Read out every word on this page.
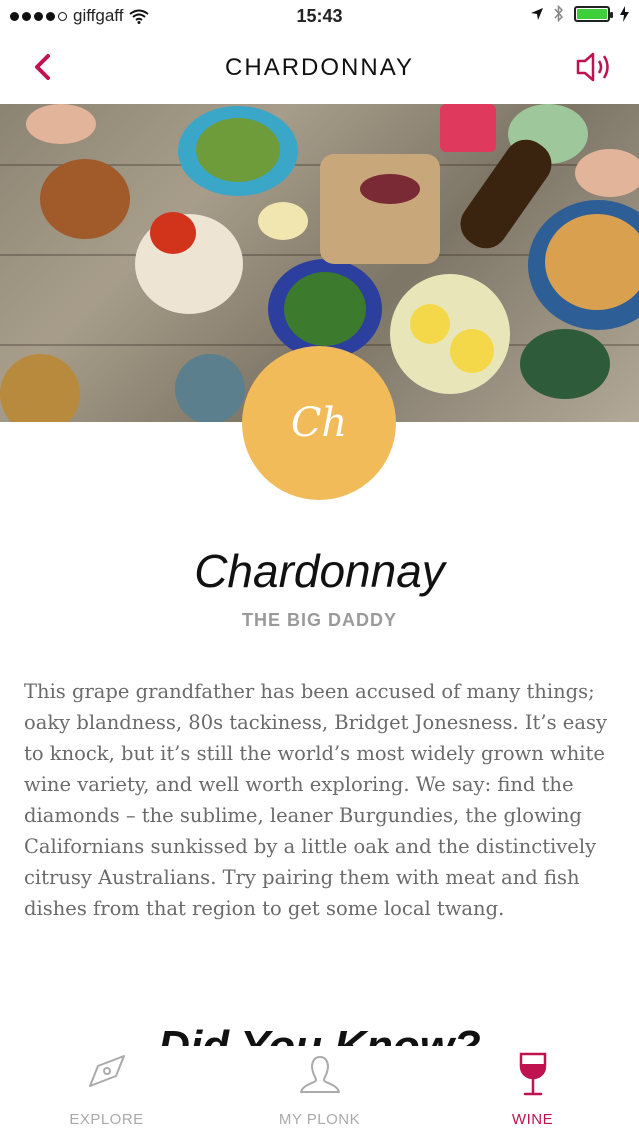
giffgaff	15:43
CHARDONNAY
Ch
Chardonnay
THE BIG DADDY

This grape grandfather has been accused of many things; oaky blandness, 80s tackiness, Bridget Jonesness. It’s easy to knock, but it’s still the world’s most widely grown white wine variety, and well worth exploring. We say: find the diamonds – the sublime, leaner Burgundies, the glowing Californians sunkissed by a little oak and the distinctively citrusy Australians. Try pairing them with meat and fish dishes from that region to get some local twang.

EXPLORE	MY PLONK	WINE
